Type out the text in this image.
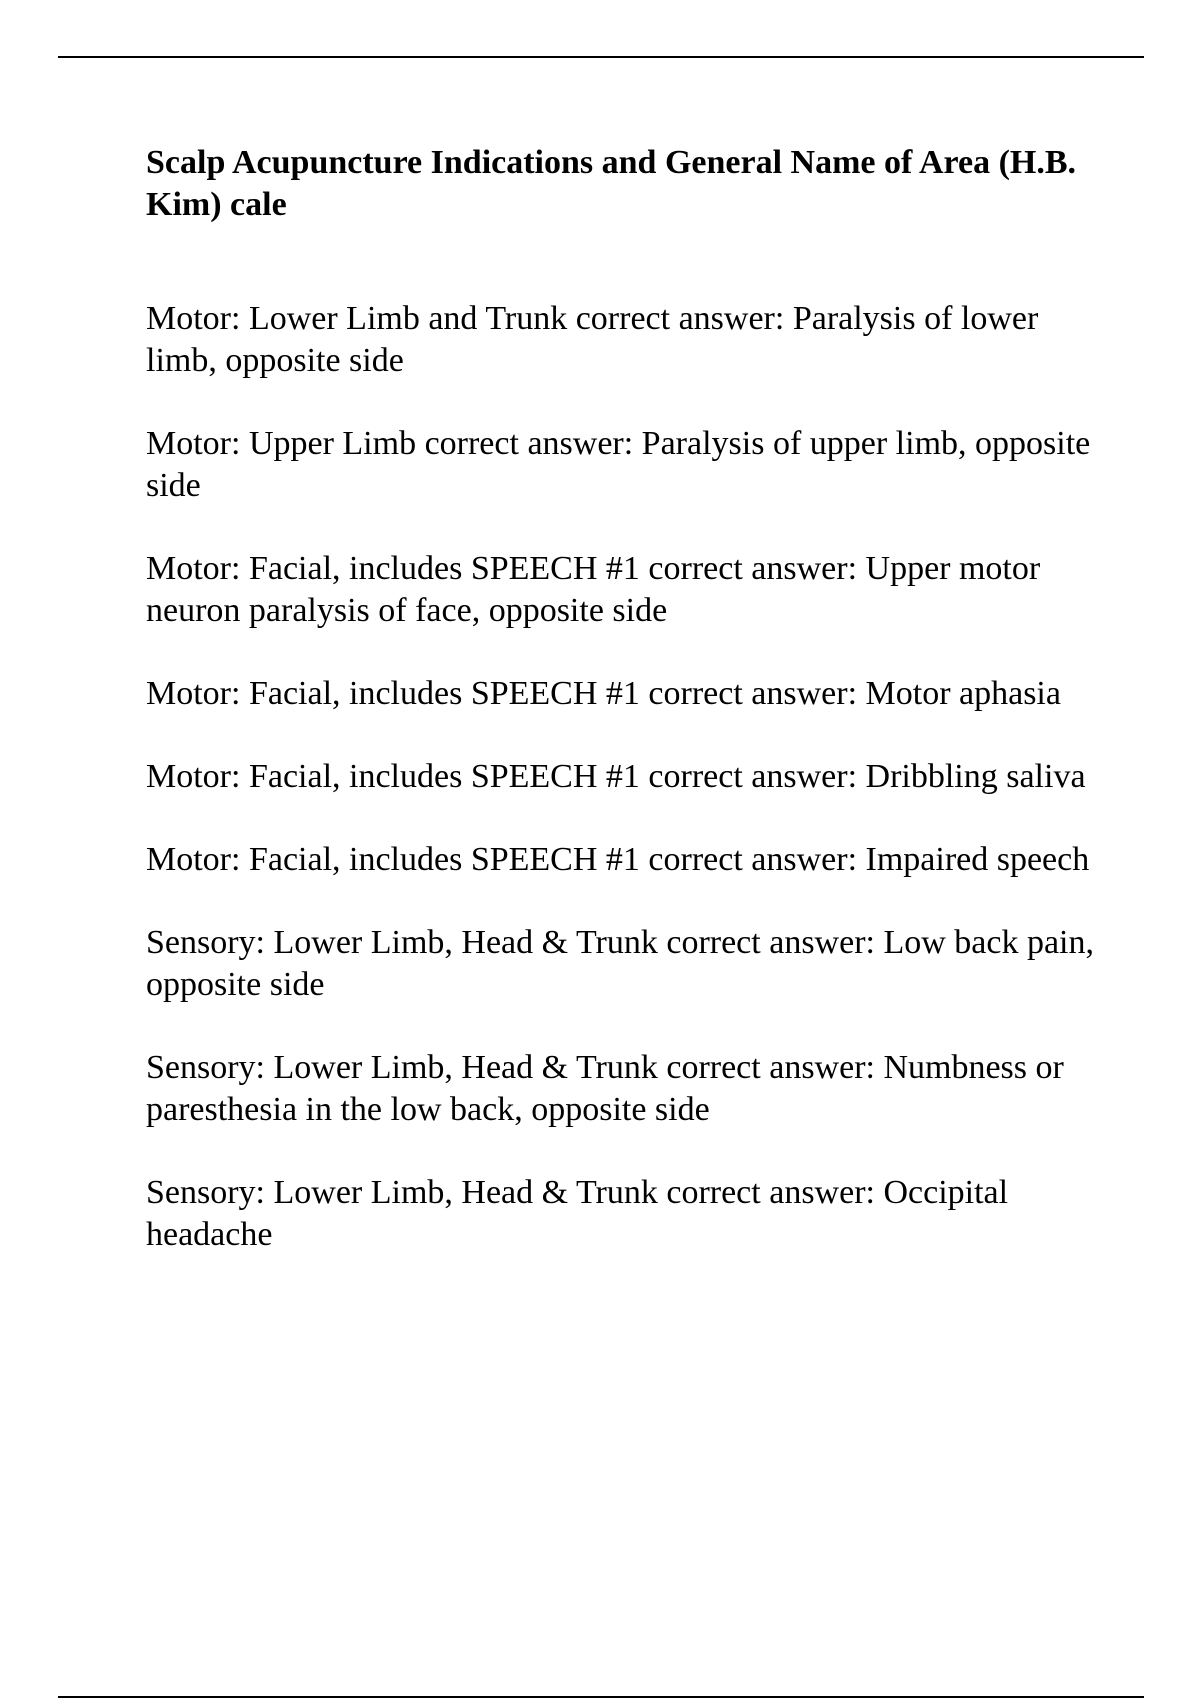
Scalp Acupuncture Indications and General Name of Area (H.B. Kim) cale

Motor: Lower Limb and Trunk correct answer: Paralysis of lower limb, opposite side

Motor: Upper Limb correct answer: Paralysis of upper limb, opposite side

Motor: Facial, includes SPEECH #1 correct answer: Upper motor neuron paralysis of face, opposite side

Motor: Facial, includes SPEECH #1 correct answer: Motor aphasia

Motor: Facial, includes SPEECH #1 correct answer: Dribbling saliva

Motor: Facial, includes SPEECH #1 correct answer: Impaired speech

Sensory: Lower Limb, Head & Trunk correct answer: Low back pain, opposite side

Sensory: Lower Limb, Head & Trunk correct answer: Numbness or paresthesia in the low back, opposite side

Sensory: Lower Limb, Head & Trunk correct answer: Occipital headache
